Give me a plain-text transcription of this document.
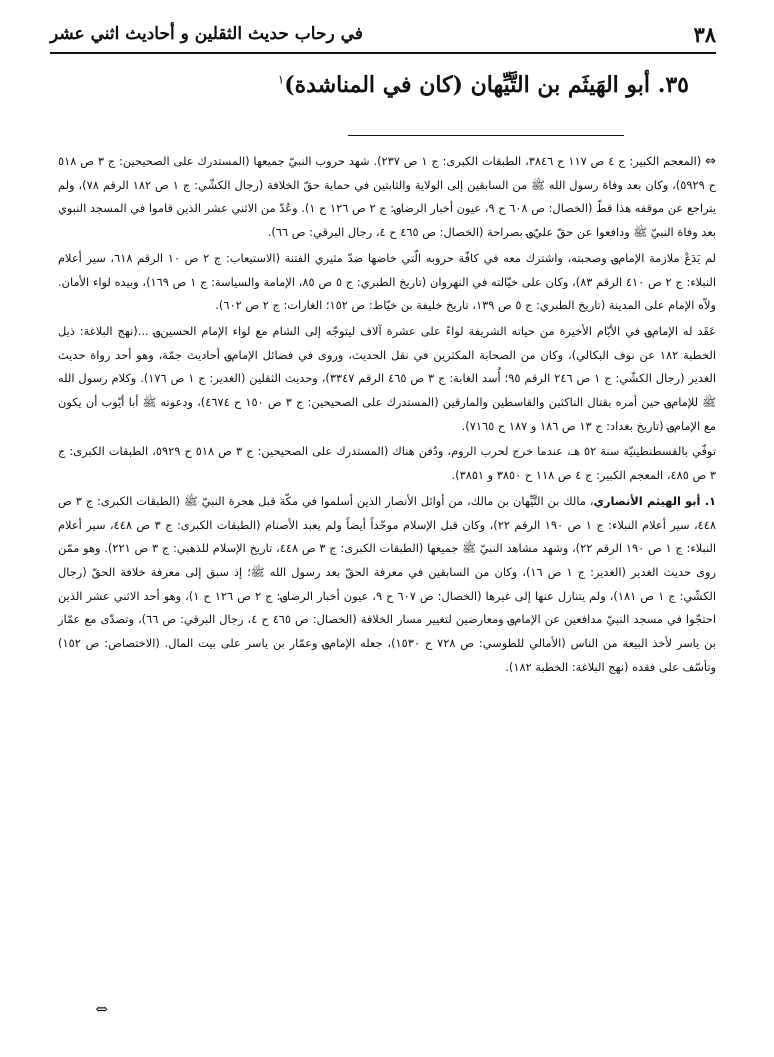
٣٨
في رحاب حديث الثقلين و أحاديث اثني عشر
٣٥. أبو الهَيثَم بن التَّيِّهان (كان في المناشدة)$^١$

⇔ (المعجم الكبير: ج ٤ ص ١١٧ ح ٣٨٤٦، الطبقات الكبرى: ج ١ ص ٢٣٧). شهد حروب النبيّ جميعها (المستدرك على الصحيحين: ج ٣ ص ٥١٨ ح ٥٩٢٩)، وكان بعد وفاة رسول الله ﷺ من السابقين إلى الولاية والثابتين في حماية حقّ الخلافة (رجال الكشّي: ج ١ ص ١٨٢ الرقم ٧٨)، ولم يتراجع عن موقفه هذا قطّ (الخصال: ص ٦٠٨ ح ٩، عيون أخبار الرضا؈: ج ٢ ص ١٢٦ ح ١). وعُدّ من الاثني عشر الذين قاموا في المسجد النبوي بعد وفاة النبيّ ﷺ ودافعوا عن حقّ عليّ؈ بصراحة (الخصال: ص ٤٦٥ ح ٤، رجال البرقي: ص ٦٦).

لم يَدَعْ ملازمة الإمام؈ وصحبته، واشترك معه في كافّة حروبه الّتي خاضها ضدّ مثيري الفتنة (الاستيعاب: ج ٢ ص ١٠ الرقم ٦١٨، سير أعلام النبلاء: ج ٢ ص ٤١٠ الرقم ٨٣)، وكان على خيّالته في النهروان (تاريخ الطبري: ج ٥ ص ٨٥، الإمامة والسياسة: ج ١ ص ١٦٩)، وبيده لواء الأمان. ولاّه الإمام على المدينة (تاريخ الطبري: ج ٥ ص ١٣٩، تاريخ خليفة بن خيّاط: ص ١٥٢؛ الغارات: ج ٢ ص ٦٠٢).

عَقَد له الإمام؈ في الأيّام الأخيرة من حياته الشريفة لواءً على عشرة آلاف ليتوجّه إلى الشام مع لواء الإمام الحسين؈ ...(نهج البلاغة: ذيل الخطبة ١٨٢ عن نوف البكالي)، وكان من الصحابة المكثرين في نقل الحديث، وروى في فضائل الإمام؈ أحاديث جمّة، وهو أحد رواة حديث الغدير (رجال الكشّي: ج ١ ص ٢٤٦ الرقم ٩٥؛ أُسد الغابة: ج ٣ ص ٤٦٥ الرقم ٣٣٤٧)، وحديث الثقلين (الغدير: ج ١ ص ١٧٦). وكلام رسول الله ﷺ للإمام؈ حين أمره بقتال الناكثين والقاسطين والمارقين (المستدرك على الصحيحين: ج ٣ ص ١٥٠ ح ٤٦٧٤)، ودعوته ﷺ أبا أيّوب أن يكون مع الإمام؈ (تاريخ بغداد: ج ١٣ ص ١٨٦ و ١٨٧ ح ٧١٦٥).

توفّي بالقسطنطينيّة سنة ٥٢ هـ، عندما خرج لحرب الروم، ودُفن هناك (المستدرك على الصحيحين: ج ٣ ص ٥١٨ ح ٥٩٢٩، الطبقات الكبرى: ج ٣ ص ٤٨٥، المعجم الكبير: ج ٤ ص ١١٨ ح ٣٨٥٠ و ٣٨٥١).

١. أبو الهيثم الأنصاري، مالك بن التَّيِّهان بن مالك، من أوائل الأنصار الذين أسلموا في مكّة قبل هجرة النبيّ ﷺ (الطبقات الكبرى: ج ٣ ص ٤٤٨، سير أعلام النبلاء: ج ١ ص ١٩٠ الرقم ٢٢)، وكان قبل الإسلام موحّداً أيضاً ولم يعبد الأصنام (الطبقات الكبرى: ج ٣ ص ٤٤٨، سير أعلام النبلاء: ج ١ ص ١٩٠ الرقم ٢٢)، وشهد مشاهد النبيّ ﷺ جميعها (الطبقات الكبرى: ج ٣ ص ٤٤٨، تاريخ الإسلام للذهبي: ج ٣ ص ٢٢١). وهو ممّن روى حديث الغدير (الغدير: ج ١ ص ١٦)، وكان من السابقين في معرفة الحقّ بعد رسول الله ﷺ؛ إذ سبق إلى معرفة خلافة الحقّ (رجال الكشّي: ج ١ ص ١٨١)، ولم يتنازل عنها إلى غيرها (الخصال: ص ٦٠٧ ح ٩، عيون أخبار الرضا؈: ج ٢ ص ١٢٦ ح ١)، وهو أحد الاثني عشر الذين احتجّوا في مسجد النبيّ مدافعين عن الإمام؈ ومعارضين لتغيير مسار الخلافة (الخصال: ص ٤٦٥ ح ٤، رجال البرقي: ص ٦٦)، وتصدّى مع عمّار بن ياسر لأخذ البيعة من الناس (الأمالي للطوسي: ص ٧٢٨ ح ١٥٣٠)، جعله الإمام؈ وعمّار بن ياسر على بيت المال. (الاختصاص: ص ١٥٢) وتأسّف على فقده (نهج البلاغة: الخطبة ١٨٢).

⇔
